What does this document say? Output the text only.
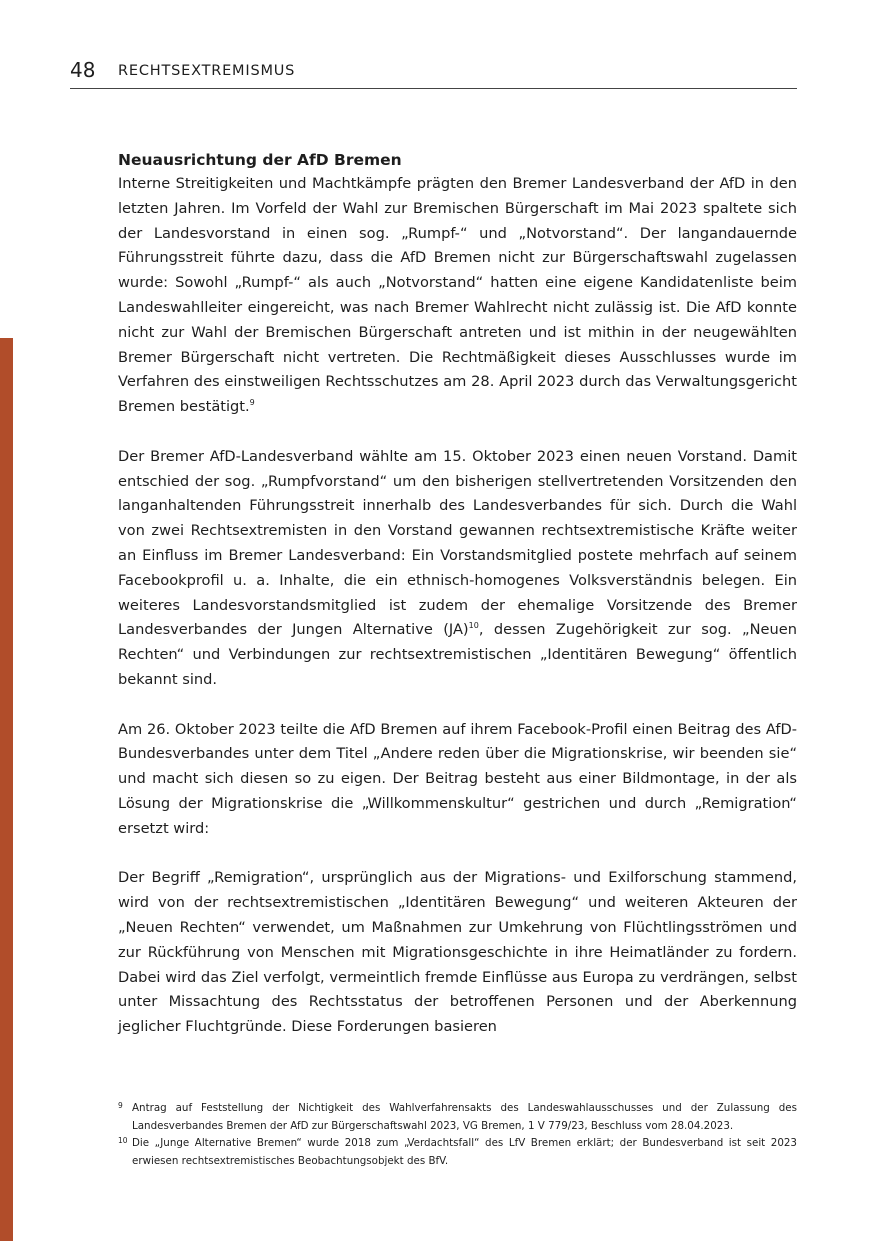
48 RECHTSEXTREMISMUS
Neuausrichtung der AfD Bremen

Interne Streitigkeiten und Machtkämpfe prägten den Bremer Landesverband der AfD in den letzten Jahren. Im Vorfeld der Wahl zur Bremischen Bürgerschaft im Mai 2023 spaltete sich der Landesvorstand in einen sog. „Rumpf-“ und „Notvorstand“. Der langandauernde Führungsstreit führte dazu, dass die AfD Bremen nicht zur Bürgerschaftswahl zugelassen wurde: Sowohl „Rumpf-“ als auch „Notvorstand“ hatten eine eigene Kandidatenliste beim Landeswahlleiter eingereicht, was nach Bremer Wahlrecht nicht zulässig ist. Die AfD konnte nicht zur Wahl der Bremischen Bürgerschaft antreten und ist mithin in der neugewählten Bremer Bürgerschaft nicht vertreten. Die Rechtmäßigkeit dieses Ausschlusses wurde im Verfahren des einstweiligen Rechtsschutzes am 28. April 2023 durch das Verwaltungsgericht Bremen bestätigt.$^9$

Der Bremer AfD-Landesverband wählte am 15. Oktober 2023 einen neuen Vorstand. Damit entschied der sog. „Rumpfvorstand“ um den bisherigen stellvertretenden Vorsitzenden den langanhaltenden Führungsstreit innerhalb des Landesverbandes für sich. Durch die Wahl von zwei Rechtsextremisten in den Vorstand gewannen rechtsextremistische Kräfte weiter an Einfluss im Bremer Landesverband: Ein Vorstandsmitglied postete mehrfach auf seinem Facebookprofil u. a. Inhalte, die ein ethnisch-homogenes Volksverständnis belegen. Ein weiteres Landesvorstandsmitglied ist zudem der ehemalige Vorsitzende des Bremer Landesverbandes der Jungen Alternative (JA)$^{10}$, dessen Zugehörigkeit zur sog. „Neuen Rechten“ und Verbindungen zur rechtsextremistischen „Identitären Bewegung“ öffentlich bekannt sind.

Am 26. Oktober 2023 teilte die AfD Bremen auf ihrem Facebook-Profil einen Beitrag des AfD-Bundesverbandes unter dem Titel „Andere reden über die Migrationskrise, wir beenden sie“ und macht sich diesen so zu eigen. Der Beitrag besteht aus einer Bildmontage, in der als Lösung der Migrationskrise die „Willkommenskultur“ gestrichen und durch „Remigration“ ersetzt wird:

Der Begriff „Remigration“, ursprünglich aus der Migrations- und Exilforschung stammend, wird von der rechtsextremistischen „Identitären Bewegung“ und weiteren Akteuren der „Neuen Rechten“ verwendet, um Maßnahmen zur Umkehrung von Flüchtlingsströmen und zur Rückführung von Menschen mit Migrationsgeschichte in ihre Heimatländer zu fordern. Dabei wird das Ziel verfolgt, vermeintlich fremde Einflüsse aus Europa zu verdrängen, selbst unter Missachtung des Rechtsstatus der betroffenen Personen und der Aberkennung jeglicher Fluchtgründe. Diese Forderungen basieren

9 Antrag auf Feststellung der Nichtigkeit des Wahlverfahrensakts des Landeswahlausschusses und der Zulassung des Landesverbandes Bremen der AfD zur Bürgerschaftswahl 2023, VG Bremen, 1 V 779/23, Beschluss vom 28.04.2023.

10 Die „Junge Alternative Bremen“ wurde 2018 zum „Verdachtsfall“ des LfV Bremen erklärt; der Bundesverband ist seit 2023 erwiesen rechtsextremistisches Beobachtungsobjekt des BfV.
